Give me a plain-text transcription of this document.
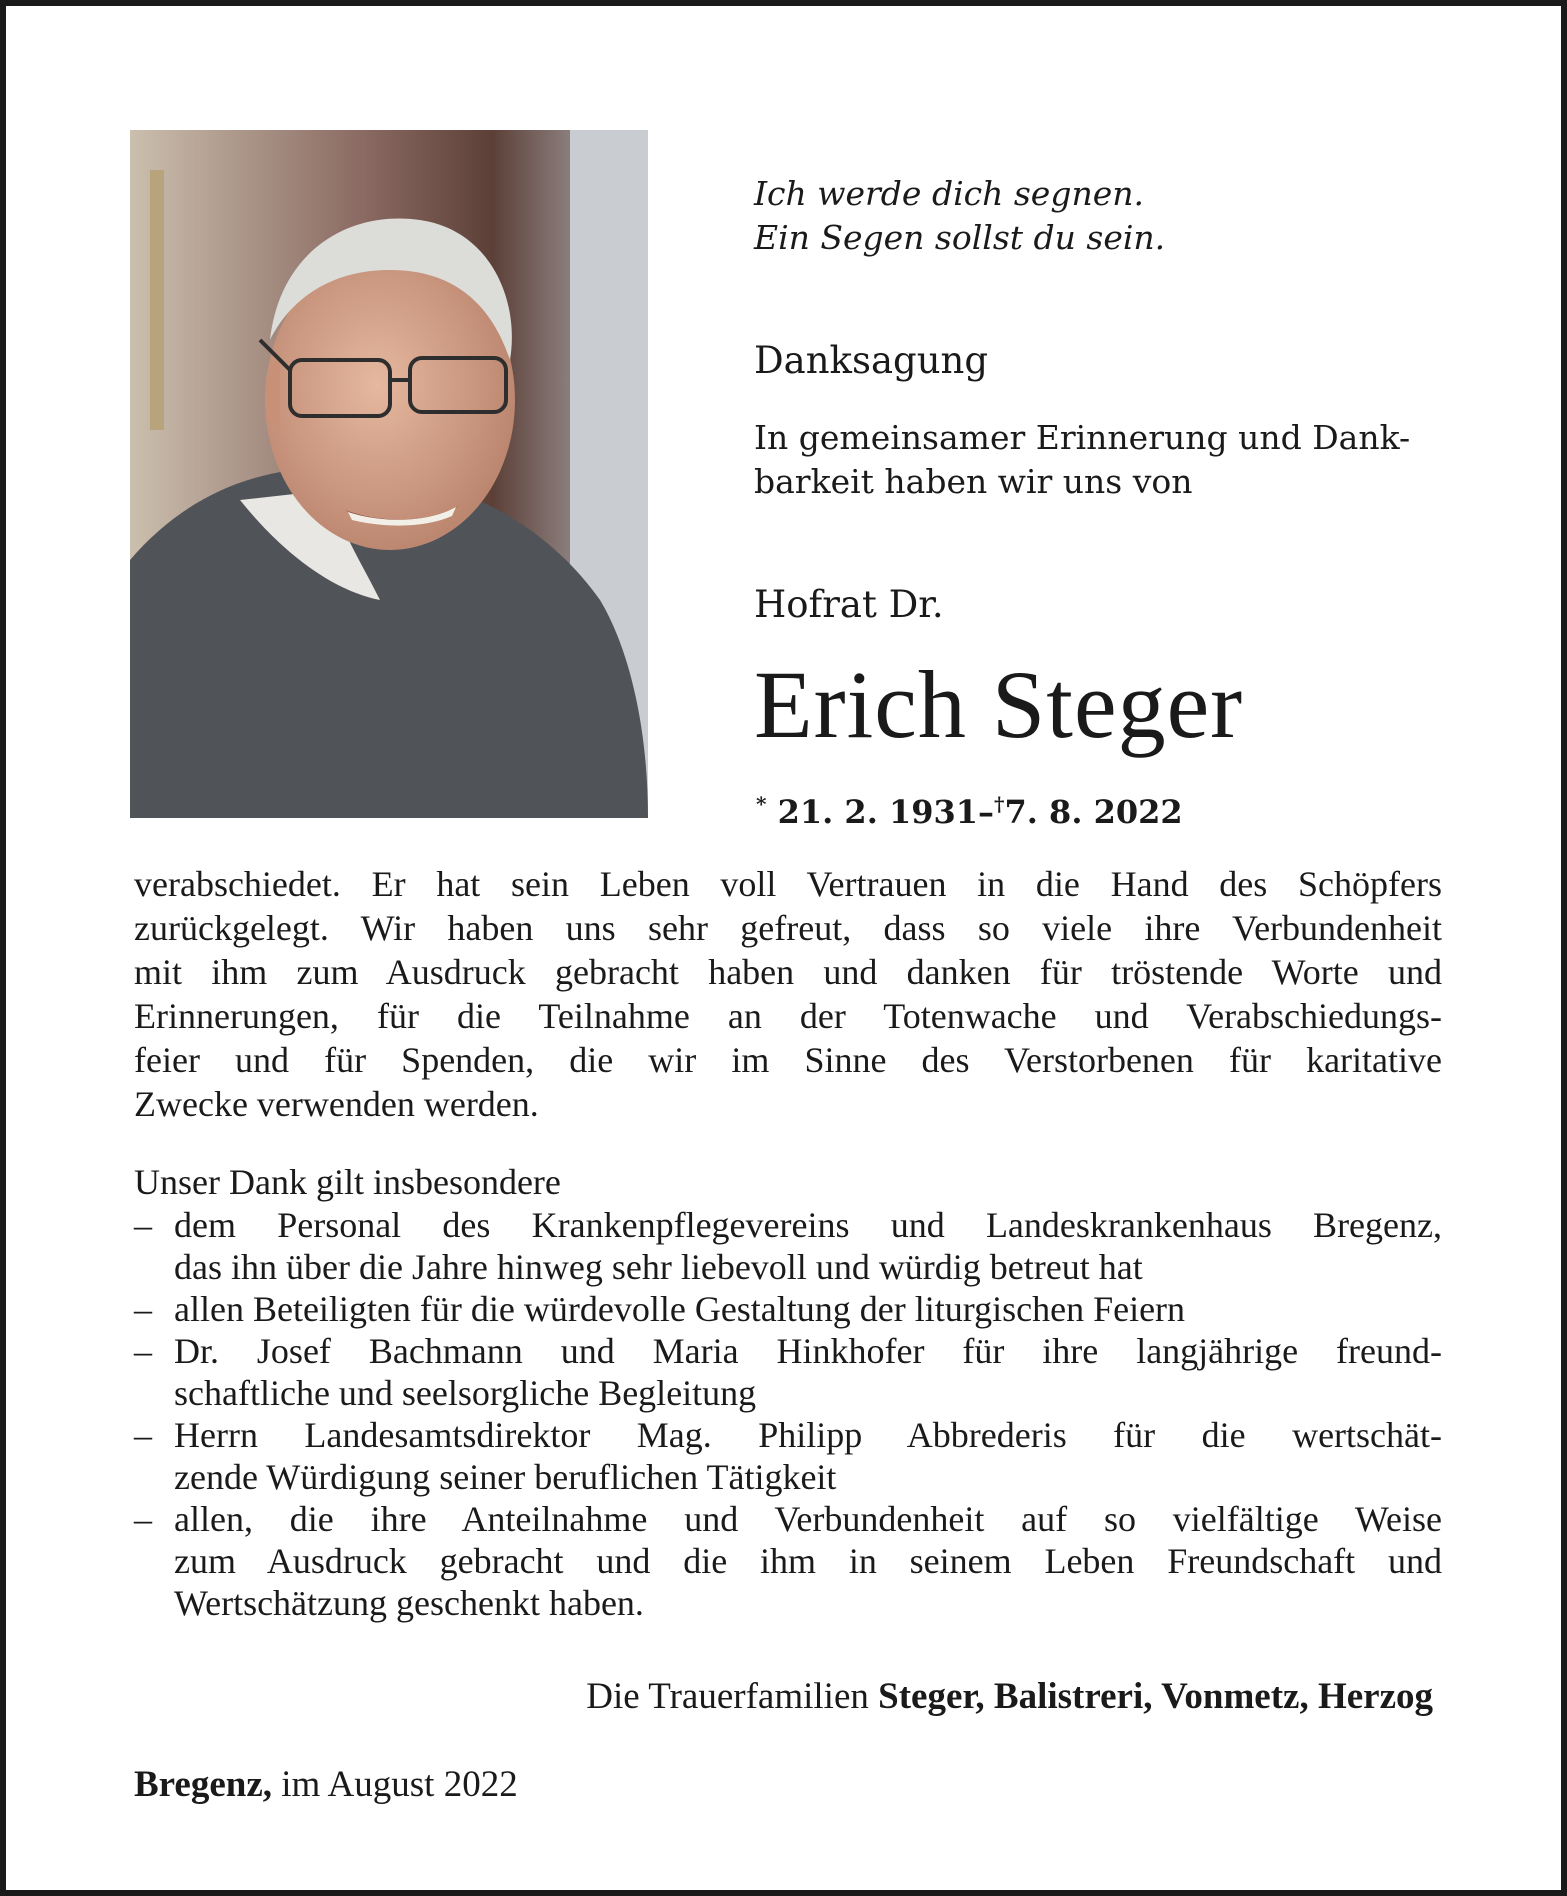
Ich werde dich segnen.
Ein Segen sollst du sein.
Danksagung
In gemeinsamer Erinnerung und Dank-
barkeit haben wir uns von
Hofrat Dr.
Erich Steger
* 21. 2. 1931–†7. 8. 2022
verabschiedet. Er hat sein Leben voll Vertrauen in die Hand des Schöpfers
zurückgelegt. Wir haben uns sehr gefreut, dass so viele ihre Verbundenheit
mit ihm zum Ausdruck gebracht haben und danken für tröstende Worte und
Erinnerungen, für die Teilnahme an der Totenwache und Verabschiedungs-
feier und für Spenden, die wir im Sinne des Verstorbenen für karitative
Zwecke verwenden werden.
Unser Dank gilt insbesondere
– dem Personal des Krankenpflegevereins und Landeskrankenhaus Bregenz,
das ihn über die Jahre hinweg sehr liebevoll und würdig betreut hat
– allen Beteiligten für die würdevolle Gestaltung der liturgischen Feiern
– Dr. Josef Bachmann und Maria Hinkhofer für ihre langjährige freund-
schaftliche und seelsorgliche Begleitung
– Herrn Landesamtsdirektor Mag. Philipp Abbrederis für die wertschät-
zende Würdigung seiner beruflichen Tätigkeit
– allen, die ihre Anteilnahme und Verbundenheit auf so vielfältige Weise
zum Ausdruck gebracht und die ihm in seinem Leben Freundschaft und
Wertschätzung geschenkt haben.
Die Trauerfamilien Steger, Balistreri, Vonmetz, Herzog
Bregenz, im August 2022
